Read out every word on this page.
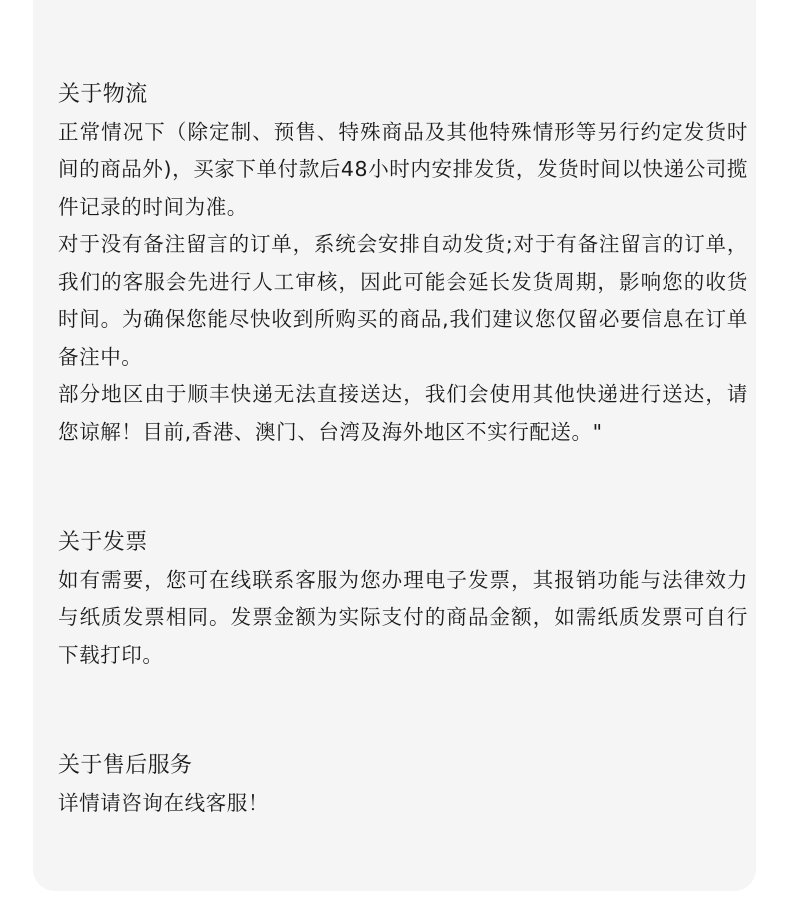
关于物流

正常情况下（除定制、预售、特殊商品及其他特殊情形等另行约定发货时间的商品外)，买家下单付款后48小时内安排发货，发货时间以快递公司揽件记录的时间为准。

对于没有备注留言的订单，系统会安排自动发货;对于有备注留言的订单，我们的客服会先进行人工审核，因此可能会延长发货周期，影响您的收货时间。为确保您能尽快收到所购买的商品,我们建议您仅留必要信息在订单备注中。

部分地区由于顺丰快递无法直接送达，我们会使用其他快递进行送达，请您谅解！目前,香港、澳门、台湾及海外地区不实行配送。"

关于发票

如有需要，您可在线联系客服为您办理电子发票，其报销功能与法律效力与纸质发票相同。发票金额为实际支付的商品金额，如需纸质发票可自行下载打印。

关于售后服务

详情请咨询在线客服！
